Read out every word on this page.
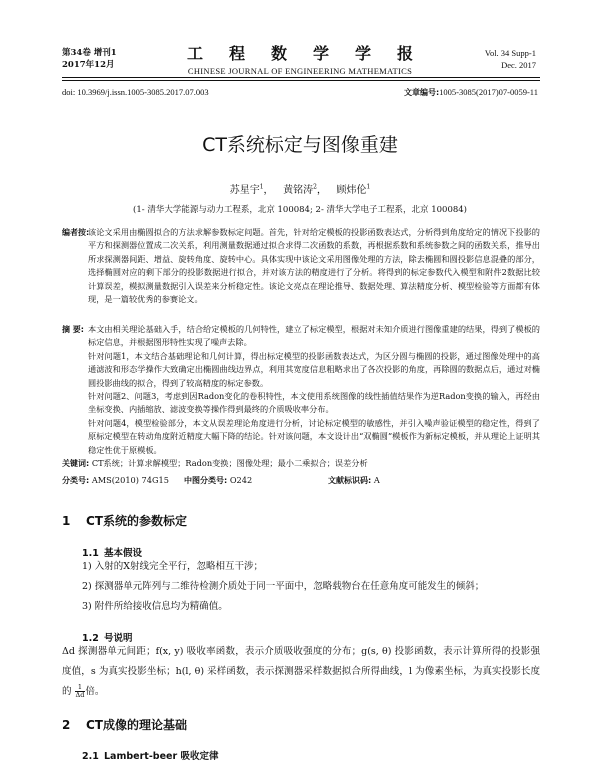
第34卷 增刊1
2017年12月
工程数学学报
CHINESE JOURNAL OF ENGINEERING MATHEMATICS
Vol. 34 Supp-1
Dec. 2017
doi: 10.3969/j.issn.1005-3085.2017.07.003	文章编号:1005-3085(2017)07-0059-11
CT系统标定与图像重建
苏星宇$^1$，   黄铭涛$^2$，   顾炜伦$^1$
(1- 清华大学能源与动力工程系，北京 100084; 2- 清华大学电子工程系，北京 100084)
编者按:
该论文采用由椭圆拟合的方法求解参数标定问题。首先，针对给定模板的投影函数表达式，分析得到角度给定的情况下投影的平方和探测器位置成二次关系，利用测量数据通过拟合求得二次函数的系数，再根据系数和系统参数之间的函数关系，推导出所求探测器间距、增益、旋转角度、旋转中心。具体实现中该论文采用图像处理的方法，除去椭圆和圆投影信息混叠的部分，选择椭圆对应的剩下部分的投影数据进行拟合，并对该方法的精度进行了分析。将得到的标定参数代入模型和附件2数据比较计算误差，模拟测量数据引入误差来分析稳定性。该论文亮点在理论推导、数据处理、算法精度分析、模型检验等方面都有体现，是一篇较优秀的参赛论文。
摘 要: 本文由相关理论基础入手，结合给定模板的几何特性，建立了标定模型，根据对未知介质进行图像重建的结果，得到了模板的标定信息，并根据图形特性实现了噪声去除。

针对问题1，本文结合基础理论和几何计算，得出标定模型的投影函数表达式，为区分圆与椭圆的投影，通过图像处理中的高通滤波和形态学操作大致确定出椭圆曲线边界点，利用其宽度信息粗略求出了各次投影的角度，再除圆的数据点后，通过对椭圆投影曲线的拟合，得到了较高精度的标定参数。

针对问题2、问题3，考虑到因Radon变化的卷积特性，本文使用系统图像的线性插值结果作为逆Radon变换的输入，再经由坐标变换、内插缩放、滤波变换等操作得到最终的介质吸收率分布。

针对问题4，模型检验部分，本文从误差理论角度进行分析，讨论标定模型的敏感性，并引入噪声验证模型的稳定性，得到了原标定模型在转动角度附近精度大幅下降的结论。针对该问题，本文设计出“双椭圆”模板作为新标定模板，并从理论上证明其稳定性优于原模板。

关键词: CT系统；计算求解模型；Radon变换；图像处理；最小二乘拟合；误差分析
分类号: AMS(2010) 74G15 中图分类号: O242	文献标识码: A
1 CT系统的参数标定
1.1 基本假设

1) 入射的X射线完全平行，忽略相互干涉；

2) 探测器单元阵列与二维待检测介质处于同一平面中，忽略载物台在任意角度可能发生的倾斜；

3) 附件所给接收信息均为精确值。

1.2 号说明

Δd 探测器单元间距；f(x, y) 吸收率函数，表示介质吸收强度的分布；g(s, θ) 投影函数，表示计算所得的投影强度值，s 为真实投影坐标；h(l, θ) 采样函数，表示探测器采样数据拟合所得曲线，l 为像素坐标，为真实投影长度的 $\frac{1}{\Delta d}$ 倍。

2 CT成像的理论基础
2.1 Lambert-beer 吸收定律
